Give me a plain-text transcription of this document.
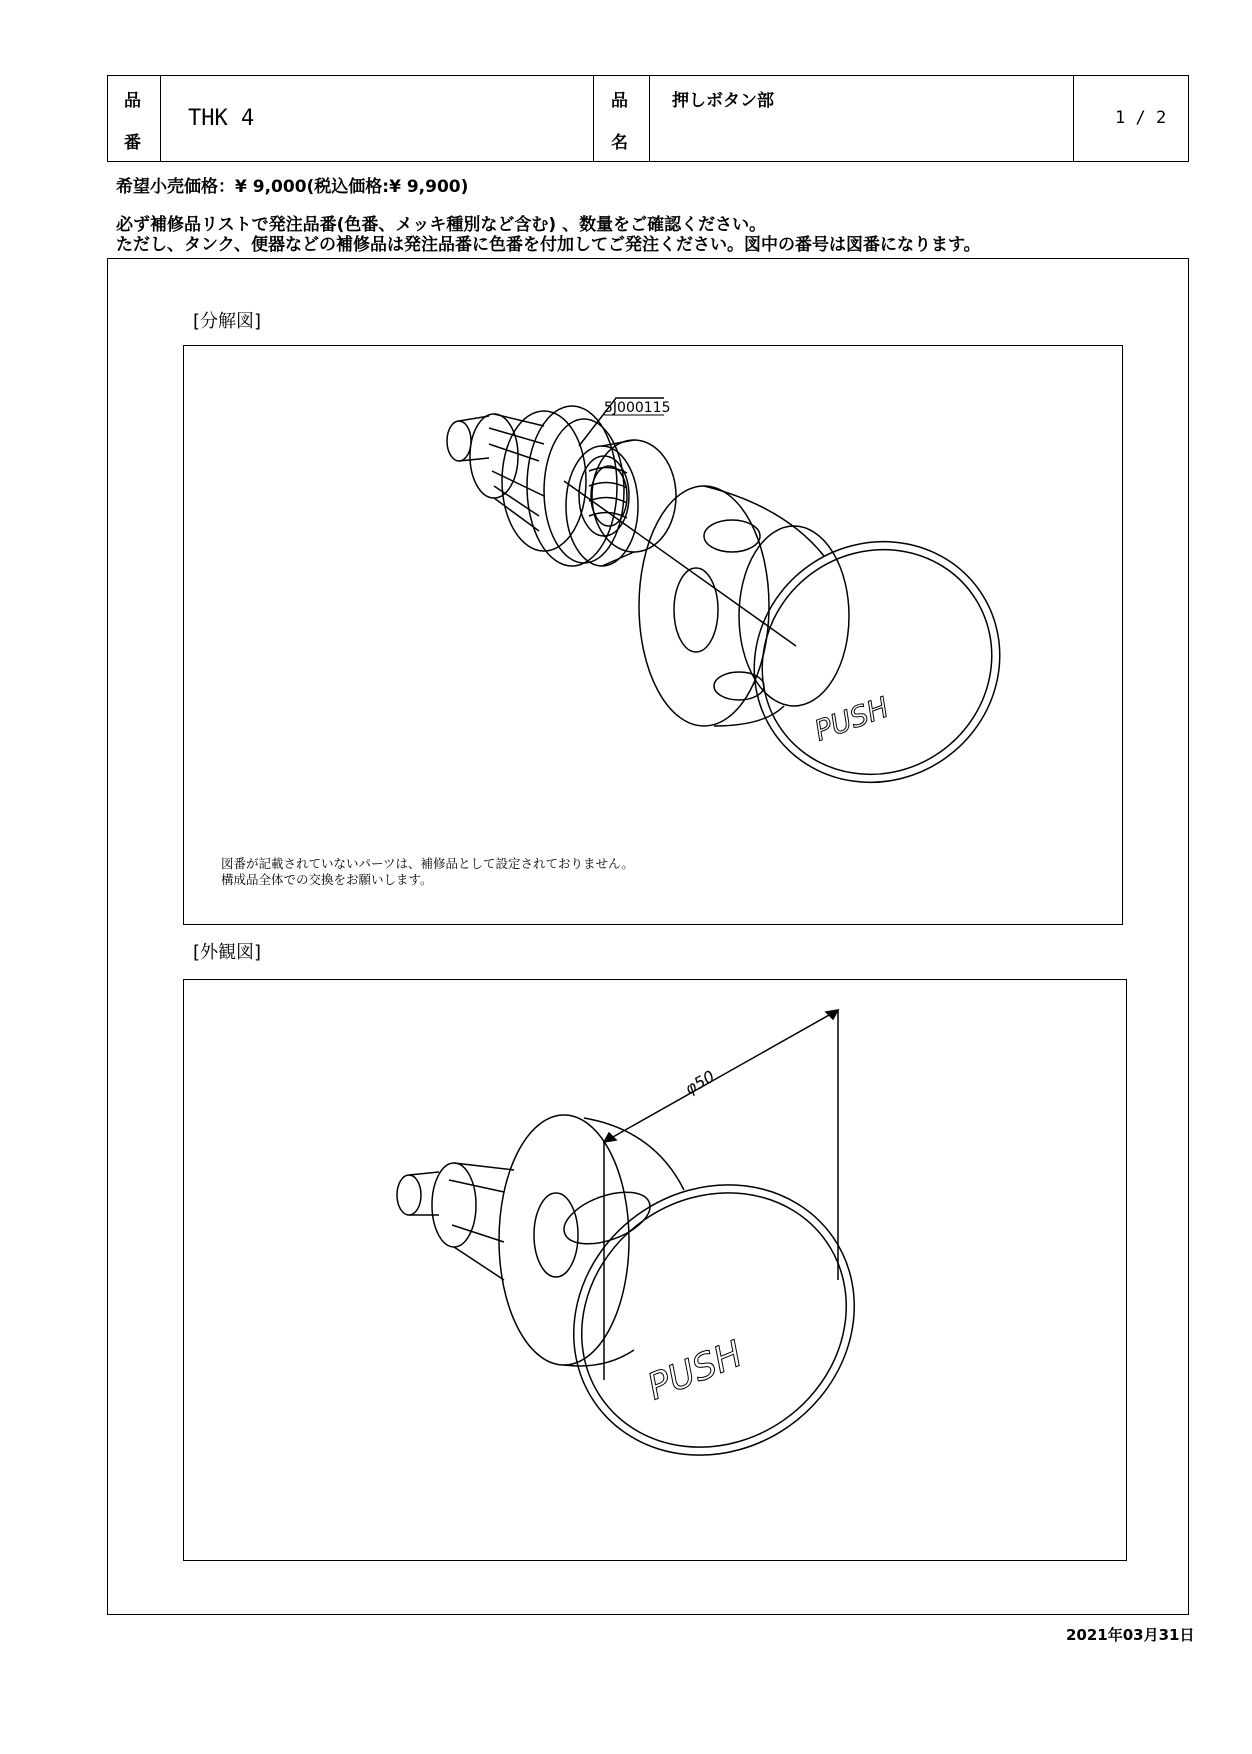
品
番
THK 4
品
名
押しボタン部
1 / 2
希望小売価格：¥ 9,000(税込価格:¥ 9,900)
必ず補修品リストで発注品番(色番、メッキ種別など含む) 、数量をご確認ください。
ただし、タンク、便器などの補修品は発注品番に色番を付加してご発注ください。図中の番号は図番になります。
[分解図]
5J000115
PUSH
図番が記載されていないパーツは、補修品として設定されておりません。
構成品全体での交換をお願いします。
[外観図]
φ50
PUSH
2021年03月31日
